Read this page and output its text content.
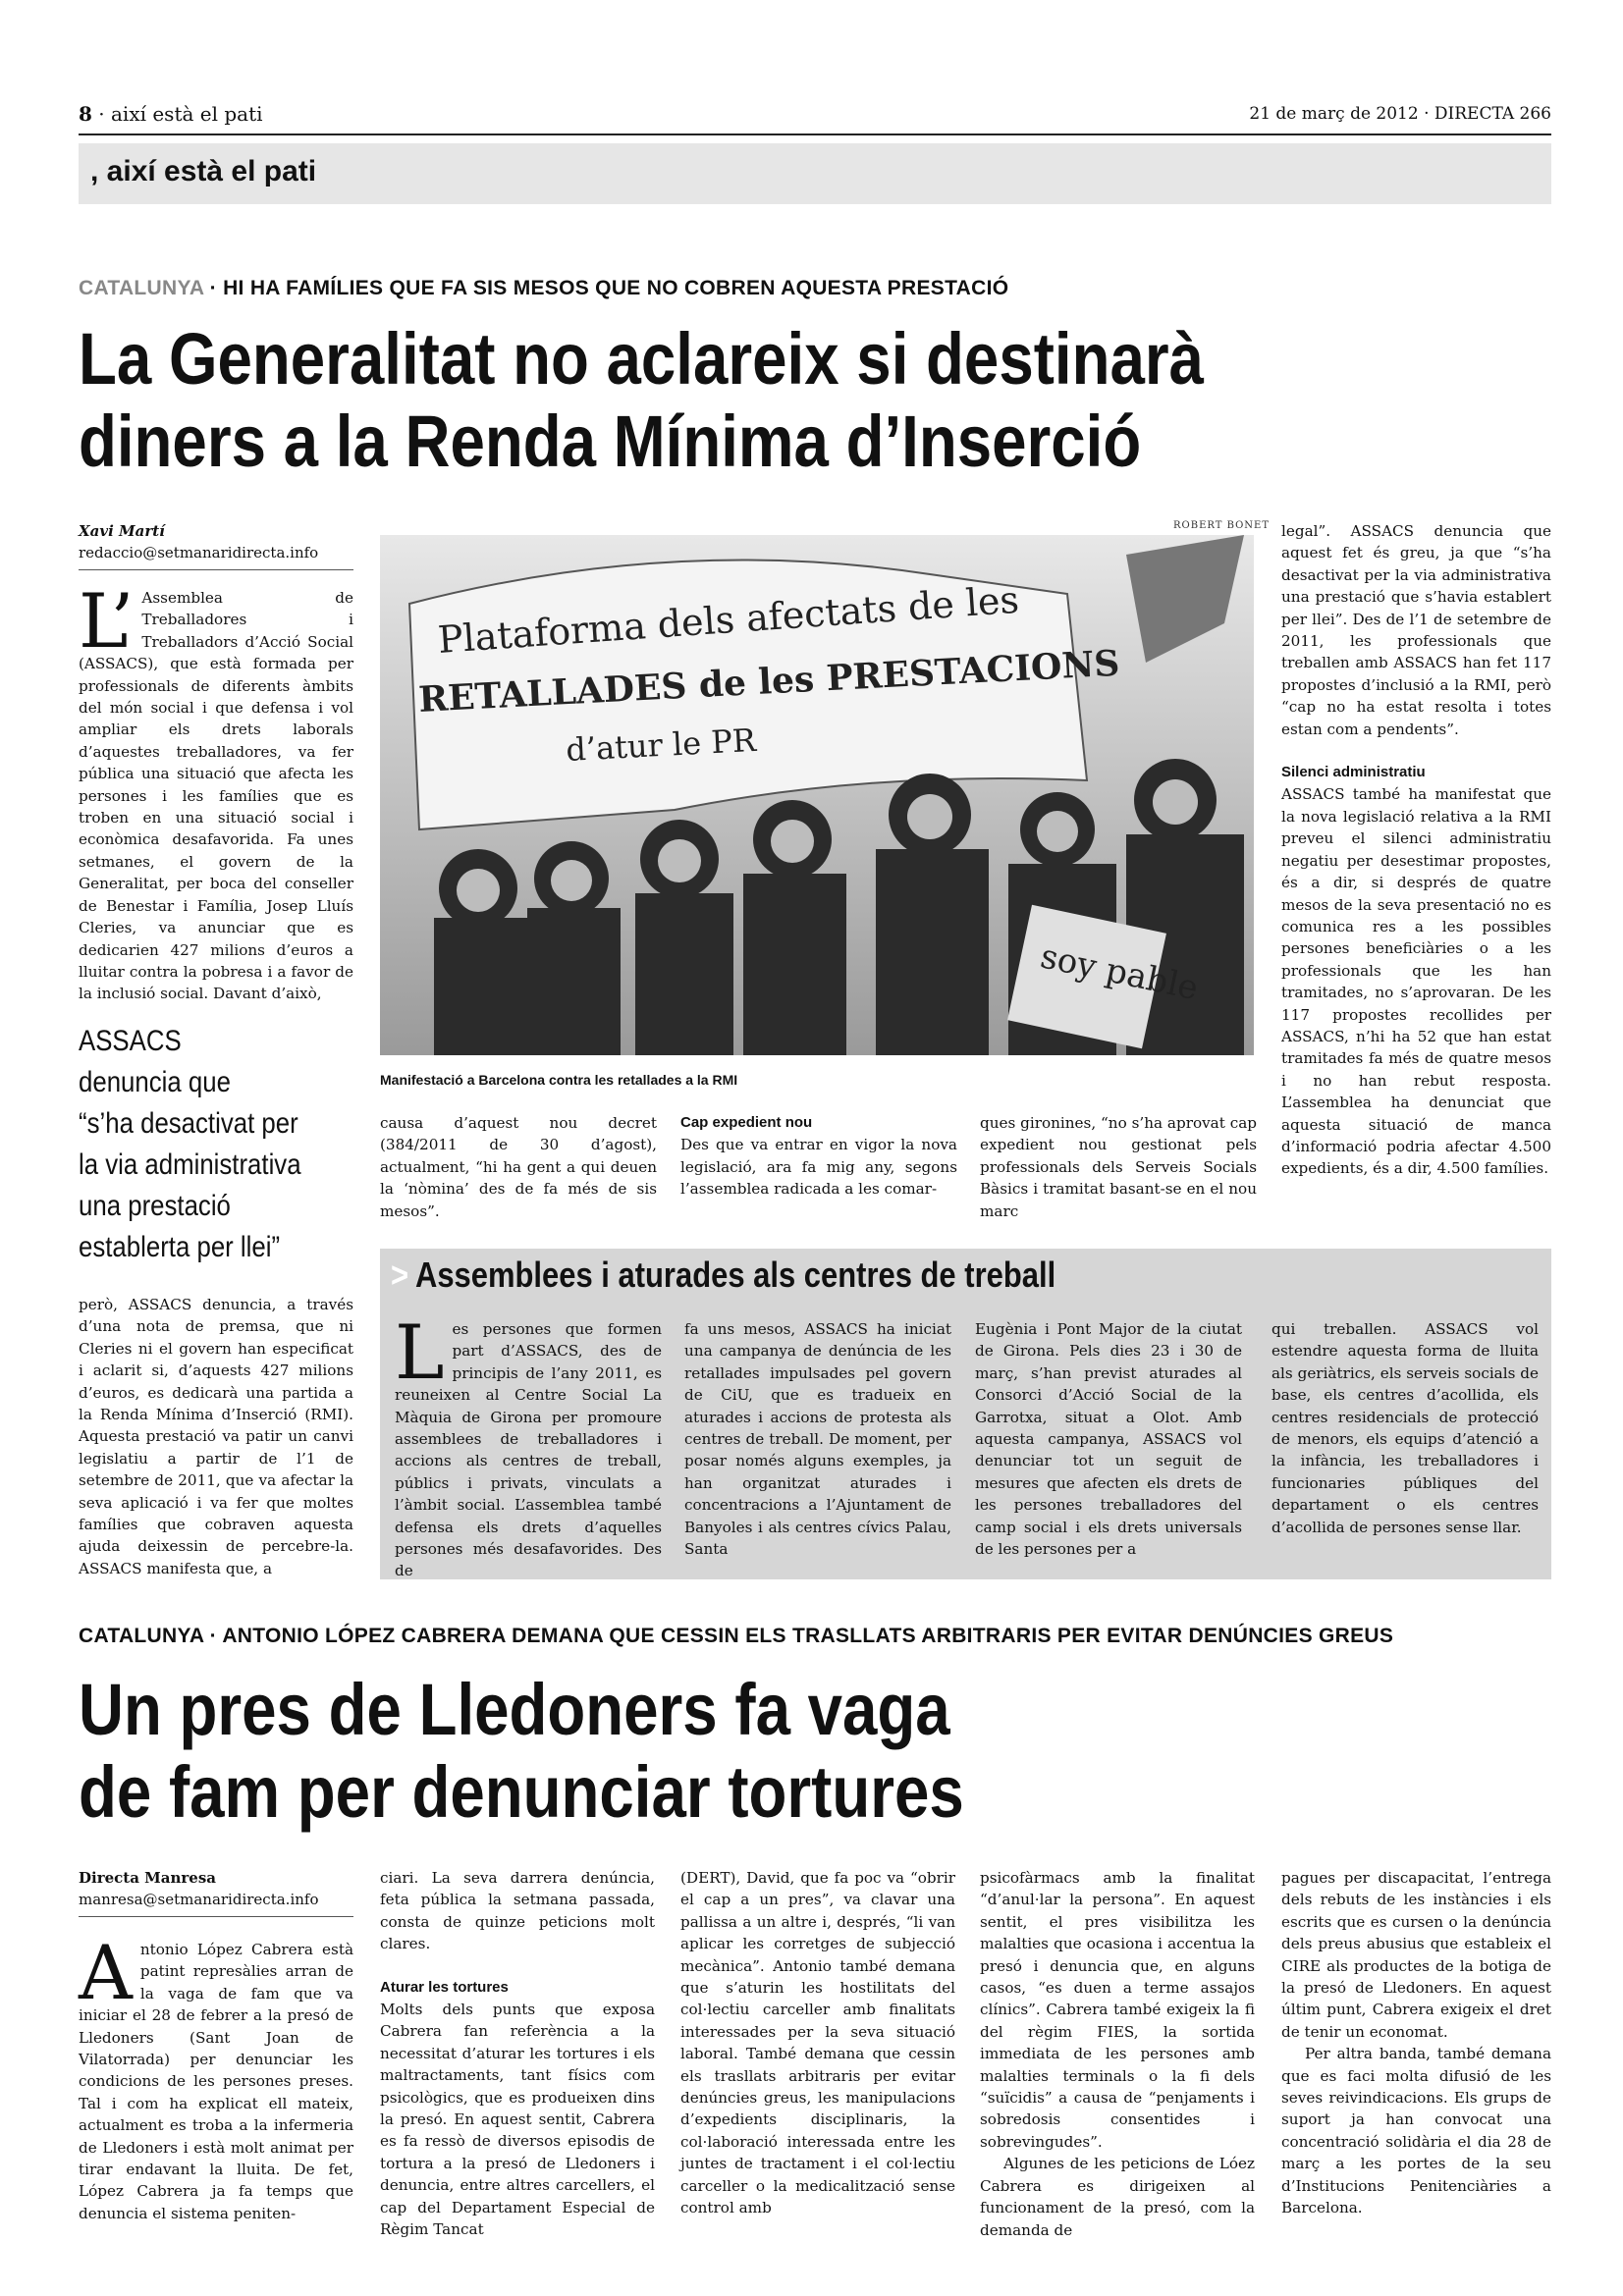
8 · així està el pati	21 de març de 2012 · DIRECTA 266
, així està el pati
CATALUNYA · HI HA FAMÍLIES QUE FA SIS MESOS QUE NO COBREN AQUESTA PRESTACIÓ
La Generalitat no aclareix si destinarà
diners a la Renda Mínima d’Inserció
Xavi Martí
redaccio@setmanaridirecta.info
L’ Assemblea de Treballadores i Treballadors d’Acció Social (ASSACS), que està formada per professionals de diferents àmbits del món social i que defensa i vol ampliar els drets laborals d’aquestes treballadores, va fer pública una situació que afecta les persones i les famílies que es troben en una situació social i econòmica desafavorida. Fa unes setmanes, el govern de la Generalitat, per boca del conseller de Benestar i Família, Josep Lluís Cleries, va anunciar que es dedicarien 427 milions d’euros a lluitar contra la pobresa i a favor de la inclusió social. Davant d’això,
ASSACS
denuncia que
“s’ha desactivat per
la via administrativa
una prestació
establerta per llei”
però, ASSACS denuncia, a través d’una nota de premsa, que ni Cleries ni el govern han especificat i aclarit si, d’aquests 427 milions d’euros, es dedicarà una partida a la Renda Mínima d’Inserció (RMI). Aquesta prestació va patir un canvi legislatiu a partir de l’1 de setembre de 2011, que va afectar la seva aplicació i va fer que moltes famílies que cobraven aquesta ajuda deixessin de percebre-la. ASSACS manifesta que, a
ROBERT BONET
Plataforma dels afectats de les
RETALLADES de les PRESTACIONS
d’atur le PR
soy pable
Manifestació a Barcelona contra les retallades a la RMI
causa d’aquest nou decret (384/2011 de 30 d’agost), actualment, “hi ha gent a qui deuen la ‘nòmina’ des de fa més de sis mesos”.
Cap expedient nou
Des que va entrar en vigor la nova legislació, ara fa mig any, segons l’assemblea radicada a les comar-
ques gironines, “no s’ha aprovat cap expedient nou gestionat pels professionals dels Serveis Socials Bàsics i tramitat basant-se en el nou marc
legal”. ASSACS denuncia que aquest fet és greu, ja que “s’ha desactivat per la via administrativa una prestació que s’havia establert per llei”. Des de l’1 de setembre de 2011, les professionals que treballen amb ASSACS han fet 117 propostes d’inclusió a la RMI, però “cap no ha estat resolta i totes estan com a pendents”.
Silenci administratiu
ASSACS també ha manifestat que la nova legislació relativa a la RMI preveu el silenci administratiu negatiu per desestimar propostes, és a dir, si després de quatre mesos de la seva presentació no es comunica res a les possibles persones beneficiàries o a les professionals que les han tramitades, no s’aprovaran. De les 117 propostes recollides per ASSACS, n’hi ha 52 que han estat tramitades fa més de quatre mesos i no han rebut resposta. L’assemblea ha denunciat que aquesta situació de manca d’informació podria afectar 4.500 expedients, és a dir, 4.500 famílies.
> Assemblees i aturades als centres de treball
Les persones que formen part d’ASSACS, des de principis de l’any 2011, es reuneixen al Centre Social La Màquia de Girona per promoure assemblees de treballadores i accions als centres de treball, públics i privats, vinculats a l’àmbit social. L’assemblea també defensa els drets d’aquelles persones més desafavorides. Des de
fa uns mesos, ASSACS ha iniciat una campanya de denúncia de les retallades impulsades pel govern de CiU, que es tradueix en aturades i accions de protesta als centres de treball. De moment, per posar només alguns exemples, ja han organitzat aturades i concentracions a l’Ajuntament de Banyoles i als centres cívics Palau, Santa
Eugènia i Pont Major de la ciutat de Girona. Pels dies 23 i 30 de març, s’han previst aturades al Consorci d’Acció Social de la Garrotxa, situat a Olot. Amb aquesta campanya, ASSACS vol denunciar tot un seguit de mesures que afecten els drets de les persones treballadores del camp social i els drets universals de les persones per a
qui treballen. ASSACS vol estendre aquesta forma de lluita als geriàtrics, els serveis socials de base, els centres d’acollida, els centres residencials de protecció de menors, els equips d’atenció a la infància, les treballadores i funcionaries públiques del departament o els centres d’acollida de persones sense llar.
CATALUNYA · ANTONIO LÓPEZ CABRERA DEMANA QUE CESSIN ELS TRASLLATS ARBITRARIS PER EVITAR DENÚNCIES GREUS
Un pres de Lledoners fa vaga
de fam per denunciar tortures
Directa Manresa
manresa@setmanaridirecta.info
Antonio López Cabrera està patint represàlies arran de la vaga de fam que va iniciar el 28 de febrer a la presó de Lledoners (Sant Joan de Vilatorrada) per denunciar les condicions de les persones preses. Tal i com ha explicat ell mateix, actualment es troba a la infermeria de Lledoners i està molt animat per tirar endavant la lluita. De fet, López Cabrera ja fa temps que denuncia el sistema peniten-
ciari. La seva darrera denúncia, feta pública la setmana passada, consta de quinze peticions molt clares.
Aturar les tortures
Molts dels punts que exposa Cabrera fan referència a la necessitat d’aturar les tortures i els maltractaments, tant físics com psicològics, que es produeixen dins la presó. En aquest sentit, Cabrera es fa ressò de diversos episodis de tortura a la presó de Lledoners i denuncia, entre altres carcellers, el cap del Departament Especial de Règim Tancat
(DERT), David, que fa poc va “obrir el cap a un pres”, va clavar una pallissa a un altre i, després, “li van aplicar les corretges de subjecció mecànica”. Antonio també demana que s’aturin les hostilitats del col·lectiu carceller amb finalitats interessades per la seva situació laboral. També demana que cessin els trasllats arbitraris per evitar denúncies greus, les manipulacions d’expedients disciplinaris, la col·laboració interessada entre les juntes de tractament i el col·lectiu carceller o la medicalització sense control amb
psicofàrmacs amb la finalitat “d’anul·lar la persona”. En aquest sentit, el pres visibilitza les malalties que ocasiona i accentua la presó i denuncia que, en alguns casos, “es duen a terme assajos clínics”. Cabrera també exigeix la fi del règim FIES, la sortida immediata de les persones amb malalties terminals o la fi dels “suïcidis” a causa de “penjaments i sobredosis consentides i sobrevingudes”.

Algunes de les peticions de Lóez Cabrera es dirigeixen al funcionament de la presó, com la demanda de

pagues per discapacitat, l’entrega dels rebuts de les instàncies i els escrits que es cursen o la denúncia dels preus abusius que estableix el CIRE als productes de la botiga de la presó de Lledoners. En aquest últim punt, Cabrera exigeix el dret de tenir un economat.

Per altra banda, també demana que es faci molta difusió de les seves reivindicacions. Els grups de suport ja han convocat una concentració solidària el dia 28 de març a les portes de la seu d’Institucions Penitenciàries a Barcelona.
